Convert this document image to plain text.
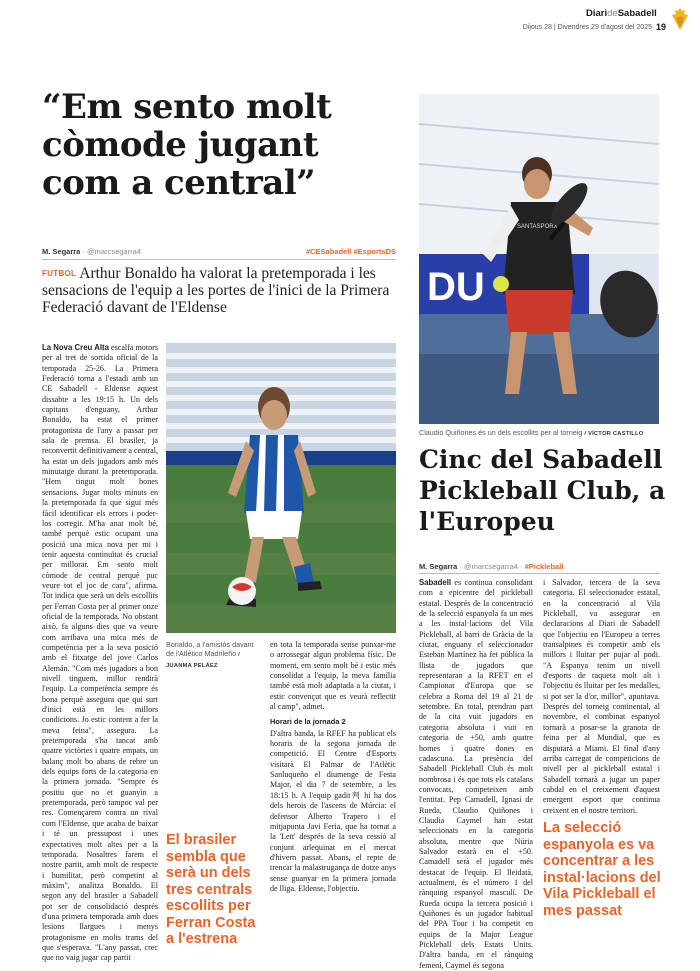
DiarideSabadell
Dijous 28 | Divendres 29 d'agost del 2025 19
“Em sento molt còmode jugant com a central”
M. Segarra · @marcsegarra4	#CESabadell #EsportsDS

FUTBOL Arthur Bonaldo ha valorat la pretemporada i les sensacions de l'equip a les portes de l'inici de la Primera Federació davant de l'Eldense

La Nova Creu Alta escalfa motors per al tret de sortida oficial de la temporada 25-26. La Primera Federació torna a l'estadi amb un CE Sabadell - Eldense aquest dissabte a les 19:15 h. Un dels capitans d'enguany, Arthur Bonaldo, ha estat el primer protagonista de l'any a passar per sala de premsa. El brasiler, ja reconvertit definitivament a central, ha estat un dels jugadors amb més minutatge durant la pretemporada. "Hem tingut molt bones sensacions. Jugar molts minuts en la pretemporada fa que sigui més fàcil identificar els errors i poder-los corregir. M'ha anat molt bé, també perquè estic ocupant una posició una mica nova per mi i tenir aquesta continuïtat és crucial per millorar. Em sento molt còmode de central perquè puc veure tot el joc de cara", afirma. Tot indica que serà un dels escollits per Ferran Costa per al primer onze oficial de la temporada. No obstant això, fa alguns dies que va veure com arribava una mica més de competència per a la seva posició amb el fitxatge del jove Carlos Alemán. "Com més jugadors a bon nivell tinguem, millor rendirà l'equip. La competència sempre és bona perquè assegura que qui surt d'inici està en les millors condicions. Jo estic content a fer la meva feina", assegura. La pretemporada s'ha tancat amb quatre victòries i quatre empats, un balanç molt bo abans de rebre un dels equips forts de la categoria en la primera jornada. "Sempre és positiu que no et guanyin a pretemporada, però tampoc val per res. Començarem contra un rival com l'Eldense, que acaba de baixar i té un pressupost i unes expectatives molt altes per a la temporada. Nosaltres farem el nostre partit, amb molt de respecte i humilitat, però competint al màxim", analitza Bonaldo. El segon any del brasiler a Sabadell pot ser de consolidació després d'una primera temporada amb dues lesions llargues i menys protagonisme en molts trams del que s'esperava. "L'any passat, crec que no vaig jugar cap partit
Bonaldo, a l'amistós davant de l'Atlètico Madrileño / JUANMA PELÁEZ
en tota la temporada sense punxar-me o arrossegar algun problema físic. De moment, em sento molt bé i estic més consolidat a l'equip, la meva família també està molt adaptada a la ciutat, i estic convençut que es veurà reflectit al camp", admet.
Horari de la jornada 2
D'altra banda, la RFEF ha publicat els horaris de la segona jornada de competició. El Centre d'Esports visitarà El Palmar de l'Atlètic Sanluqueño el diumenge de Festa Major, el dia 7 de setembre, a les 18:15 h. A l'equip gadit判 hi ha dos dels herois de l'ascens de Múrcia: el defensor Alberto Trapero i el mitjapunta Javi Feria, que ha tornat a la 'Lett' després de la seva cessió al conjunt arlequinat en el mercat d'hivern passat. Abans, el repte de trencar la malastrugança de dotze anys sense guanyar en la primera jornada de lliga. Eldense, l'objectiu.
El brasiler sembla que serà un dels tres centrals escollits per Ferran Costa a l'estrena
DU
SANTASPORX
Claudio Quiñones és un dels escollits per al torneig / VÍCTOR CASTILLO
Cinc del Sabadell Pickleball Club, a l'Europeu
M. Segarra · @marcsegarra4 · #Pickleball
Sabadell es continua consolidant com a epicentre del pickleball estatal. Després de la concentració de la selecció espanyola fa un mes a les instal·lacions del Vila Pickleball, al barri de Gràcia de la ciutat, enguany el seleccionador Esteban Martínez ha fet pública la llista de jugadors que representaran a la RFET en el Campionat d'Europa que se celebra a Roma del 19 al 21 de setembre. En total, prendran part de la cita vuit jugadors en categoria absoluta i vuit en categoria de +50, amb quatre homes i quatre dones en cadascuna. La presència del Sabadell Pickleball Club és molt nombrosa i és que tots els catalans convocats, competeixen amb l'entitat. Pep Camadell, Ignasi de Rueda, Claudio Quiñones i Claudia Caymel han estat seleccionats en la categoria absoluta, mentre que Núria Salvador estarà en el +50. Camadell serà el jugador més destacat de l'equip. El lleidatà, actualment, és el número 1 del rànquing espanyol masculí. De Rueda ocupa la tercera posició i Quiñones és un jugador habitual del PPA Tour i ha competit en equips de la Major League Pickleball dels Estats Units. D'altra banda, en el rànquing femení, Caymel és segona
i Salvador, tercera de la seva categoria. El seleccionador estatal, en la concentració al Vila Pickleball, va assegurar en declaracions al Diari de Sabadell que l'objectiu en l'Europeu a terres transalpines és competir amb els millors i lluitar per pujar al podi. "A Espanya tenim un nivell d'esports de raqueta molt alt i l'objectiu és lluitar per les medalles, si pot ser la d'or, millor", apuntava. Després del torneig continental, al novembre, el combinat espanyol tornarà a posar-se la granota de feina per al Mundial, que es disputarà a Miami. El final d'any arriba carregat de competicions de nivell per al pickleball estatal i Sabadell tornarà a jugar un paper cabdal en el creixement d'aquest emergent esport que continua creixent en el nostre territori.
La selecció espanyola es va concentrar a les instal·lacions del Vila Pickleball el mes passat
